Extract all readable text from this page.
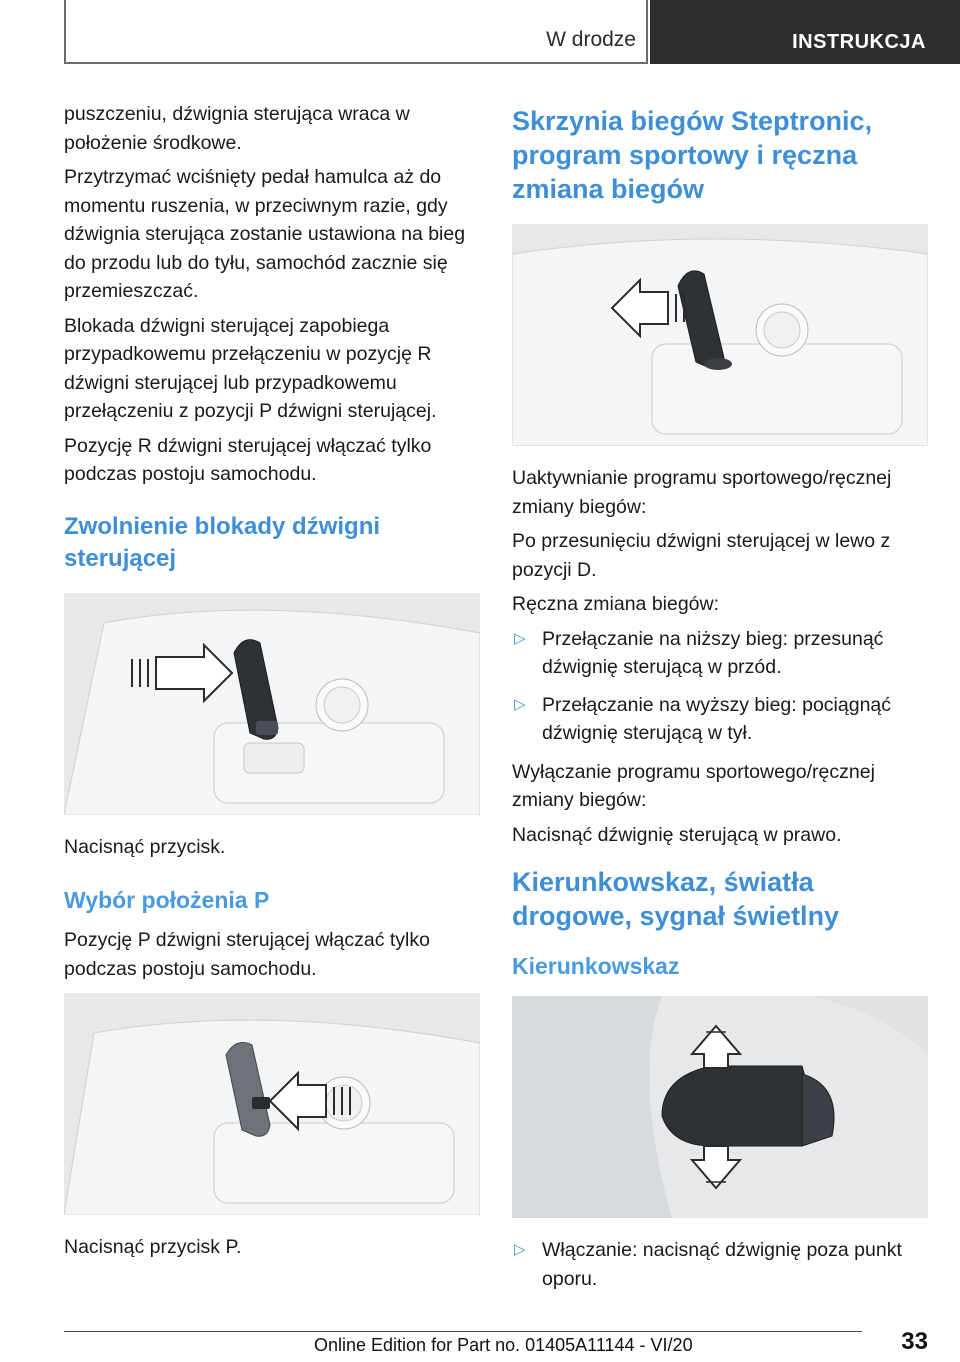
W drodze	INSTRUKCJA

puszczeniu, dźwignia sterująca wraca w położenie środkowe.

Przytrzymać wciśnięty pedał hamulca aż do momentu ruszenia, w przeciwnym razie, gdy dźwignia sterująca zostanie ustawiona na bieg do przodu lub do tyłu, samochód zacznie się przemieszczać.

Blokada dźwigni sterującej zapobiega przypadkowemu przełączeniu w pozycję R dźwigni sterującej lub przypadkowemu przełączeniu z pozycji P dźwigni sterującej.

Pozycję R dźwigni sterującej włączać tylko podczas postoju samochodu.

Zwolnienie blokady dźwigni sterującej

Nacisnąć przycisk.

Wybór położenia P

Pozycję P dźwigni sterującej włączać tylko podczas postoju samochodu.

Nacisnąć przycisk P.

Skrzynia biegów Steptronic, program sportowy i ręczna zmiana biegów

Uaktywnianie programu sportowego/ręcznej zmiany biegów:

Po przesunięciu dźwigni sterującej w lewo z pozycji D.

Ręczna zmiana biegów:

▷ Przełączanie na niższy bieg: przesunąć dźwignię sterującą w przód.
▷ Przełączanie na wyższy bieg: pociągnąć dźwignię sterującą w tył.

Wyłączanie programu sportowego/ręcznej zmiany biegów:

Nacisnąć dźwignię sterującą w prawo.

Kierunkowskaz, światła drogowe, sygnał świetlny
Kierunkowskaz
▷ Włączanie: nacisnąć dźwignię poza punkt oporu.
33
Online Edition for Part no. 01405A11144 - VI/20
